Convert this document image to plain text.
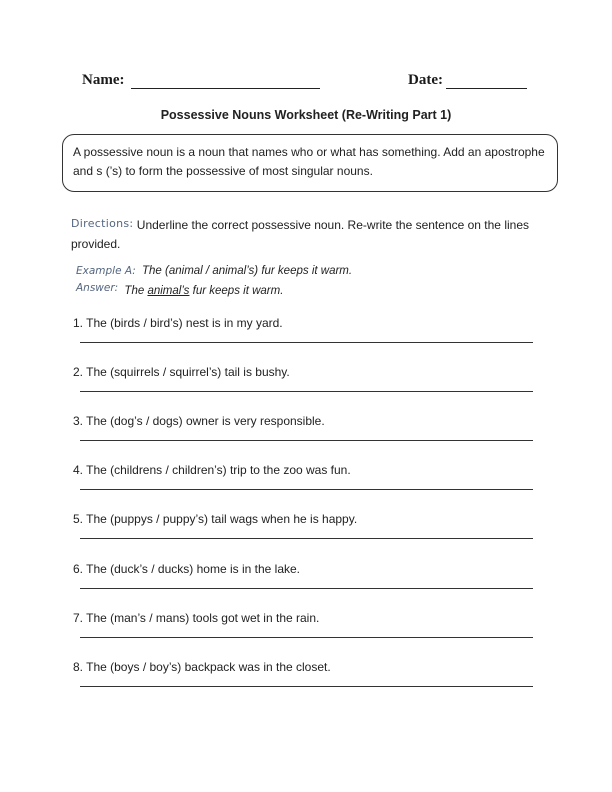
Name:	Date:
Possessive Nouns Worksheet (Re-Writing Part 1)
A possessive noun is a noun that names who or what has something. Add an apostrophe and s (’s) to form the possessive of most singular nouns.
Directions: Underline the correct possessive noun. Re-write the sentence on the lines provided.
Example A: The (animal / animal’s) fur keeps it warm.
Answer: The animal’s fur keeps it warm.
1. The (birds / bird’s) nest is in my yard.
2. The (squirrels / squirrel’s) tail is bushy.
3. The (dog’s / dogs) owner is very responsible.
4. The (childrens / children’s) trip to the zoo was fun.
5. The (puppys / puppy’s) tail wags when he is happy.
6. The (duck’s / ducks) home is in the lake.
7. The (man’s / mans) tools got wet in the rain.
8. The (boys / boy’s) backpack was in the closet.
